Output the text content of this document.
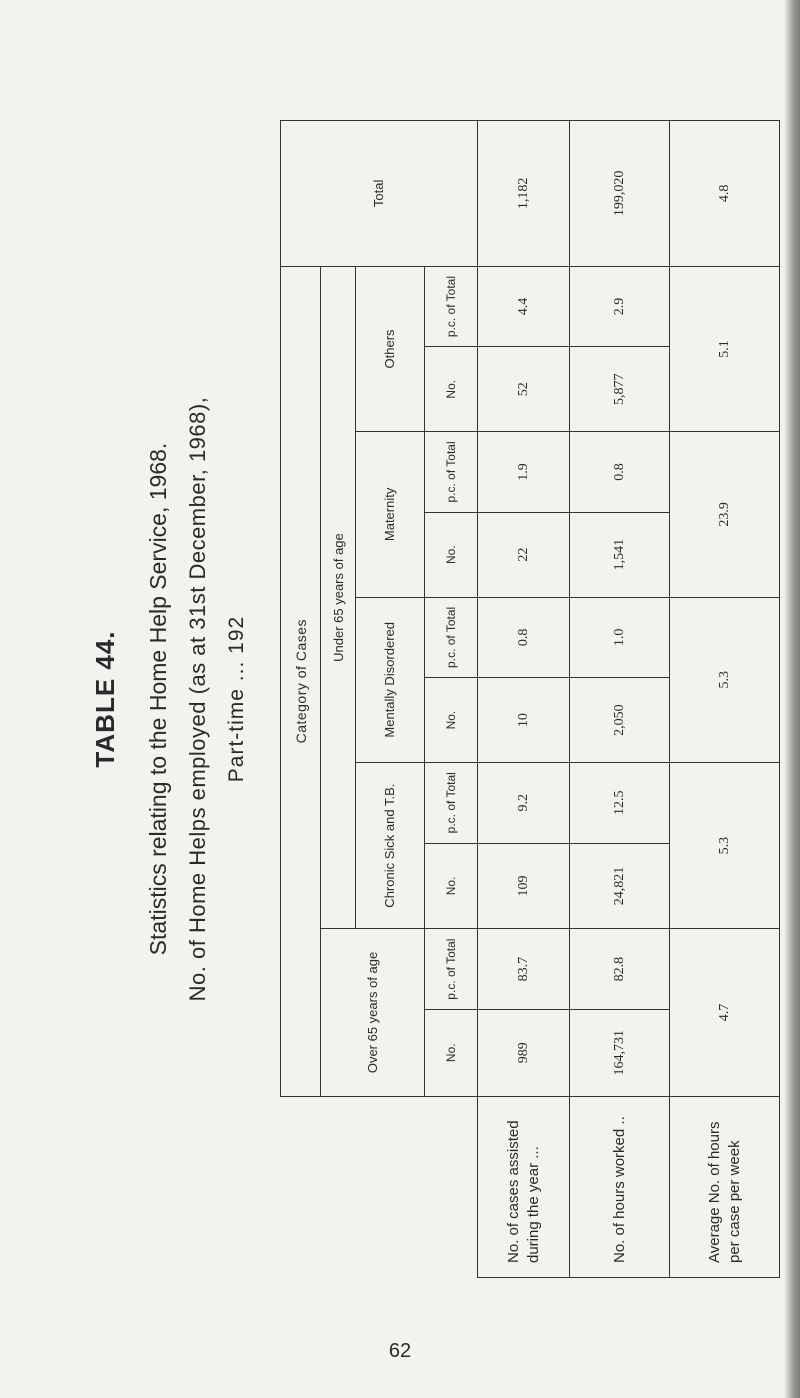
TABLE 44. Statistics relating to the Home Help Service, 1968. No. of Home Helps employed (as at 31st December, 1968), Part-time ... 192
		Category of Cases										Total
	Over 65 years of age		Under 65 years of age								
			Chronic Sick and T.B.		Mentally Disordered		Maternity		Others		
	No.	p.c. of Total	No.	p.c. of Total	No.	p.c. of Total	No.	p.c. of Total	No.	p.c. of Total	
No. of cases assisted during the year ...	989	83.7	109	9.2	10	0.8	22	1.9	52	4.4	1,182
No. of hours worked ..	164,731	82.8	24,821	12.5	2,050	1.0	1,541	0.8	5,877	2.9	199,020
Average No. of hours per case per week	4.7		5.3		5.3		23.9		5.1		4.8
62
